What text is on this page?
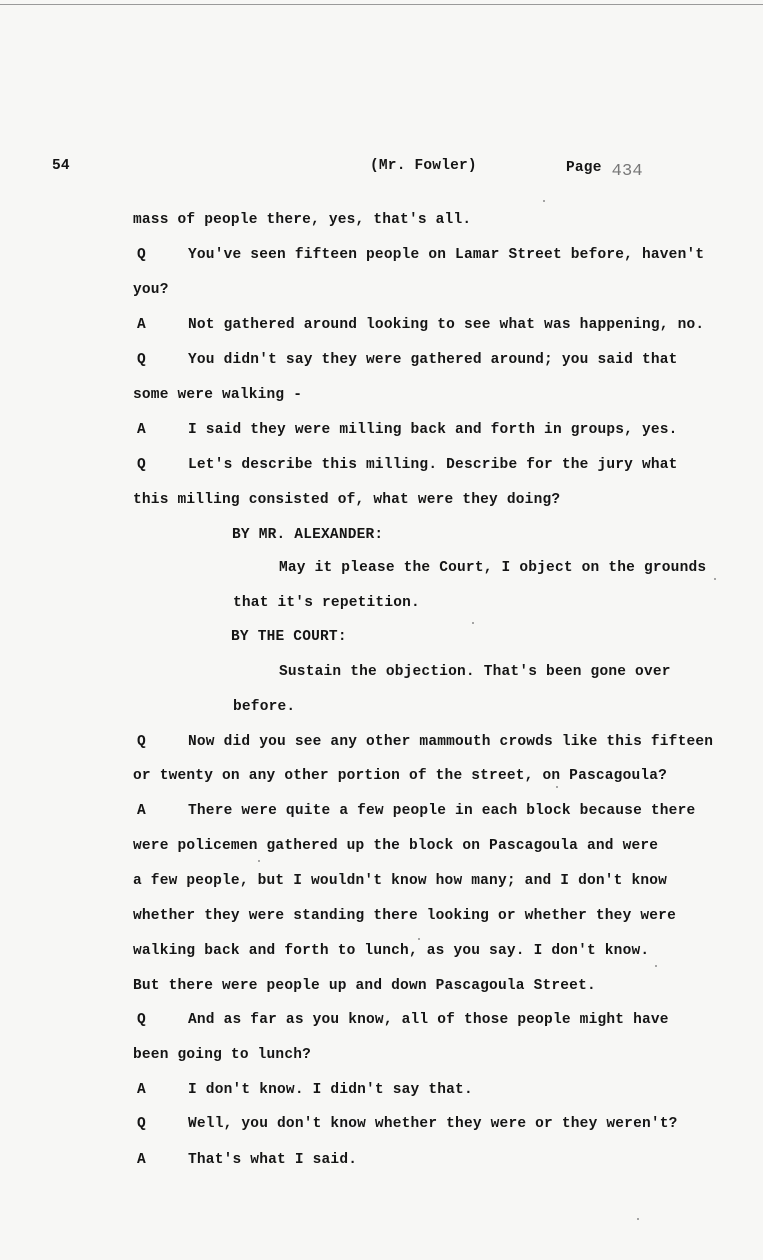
54	(Mr. Fowler)	Page 434
mass of people there, yes, that's all.
Q	You've seen fifteen people on Lamar Street before, haven't
you?
A	Not gathered around looking to see what was happening, no.
Q	You didn't say they were gathered around; you said that
some were walking -
A	I said they were milling back and forth in groups, yes.
Q	Let's describe this milling. Describe for the jury what
this milling consisted of, what were they doing?
BY MR. ALEXANDER:
May it please the Court, I object on the grounds
that it's repetition.
BY THE COURT:
Sustain the objection. That's been gone over
before.
Q	Now did you see any other mammouth crowds like this fifteen
or twenty on any other portion of the street, on Pascagoula?
A	There were quite a few people in each block because there
were policemen gathered up the block on Pascagoula and were
a few people, but I wouldn't know how many; and I don't know
whether they were standing there looking or whether they were
walking back and forth to lunch, as you say. I don't know.
But there were people up and down Pascagoula Street.
Q	And as far as you know, all of those people might have
been going to lunch?
A	I don't know. I didn't say that.
Q	Well, you don't know whether they were or they weren't?
A	That's what I said.
